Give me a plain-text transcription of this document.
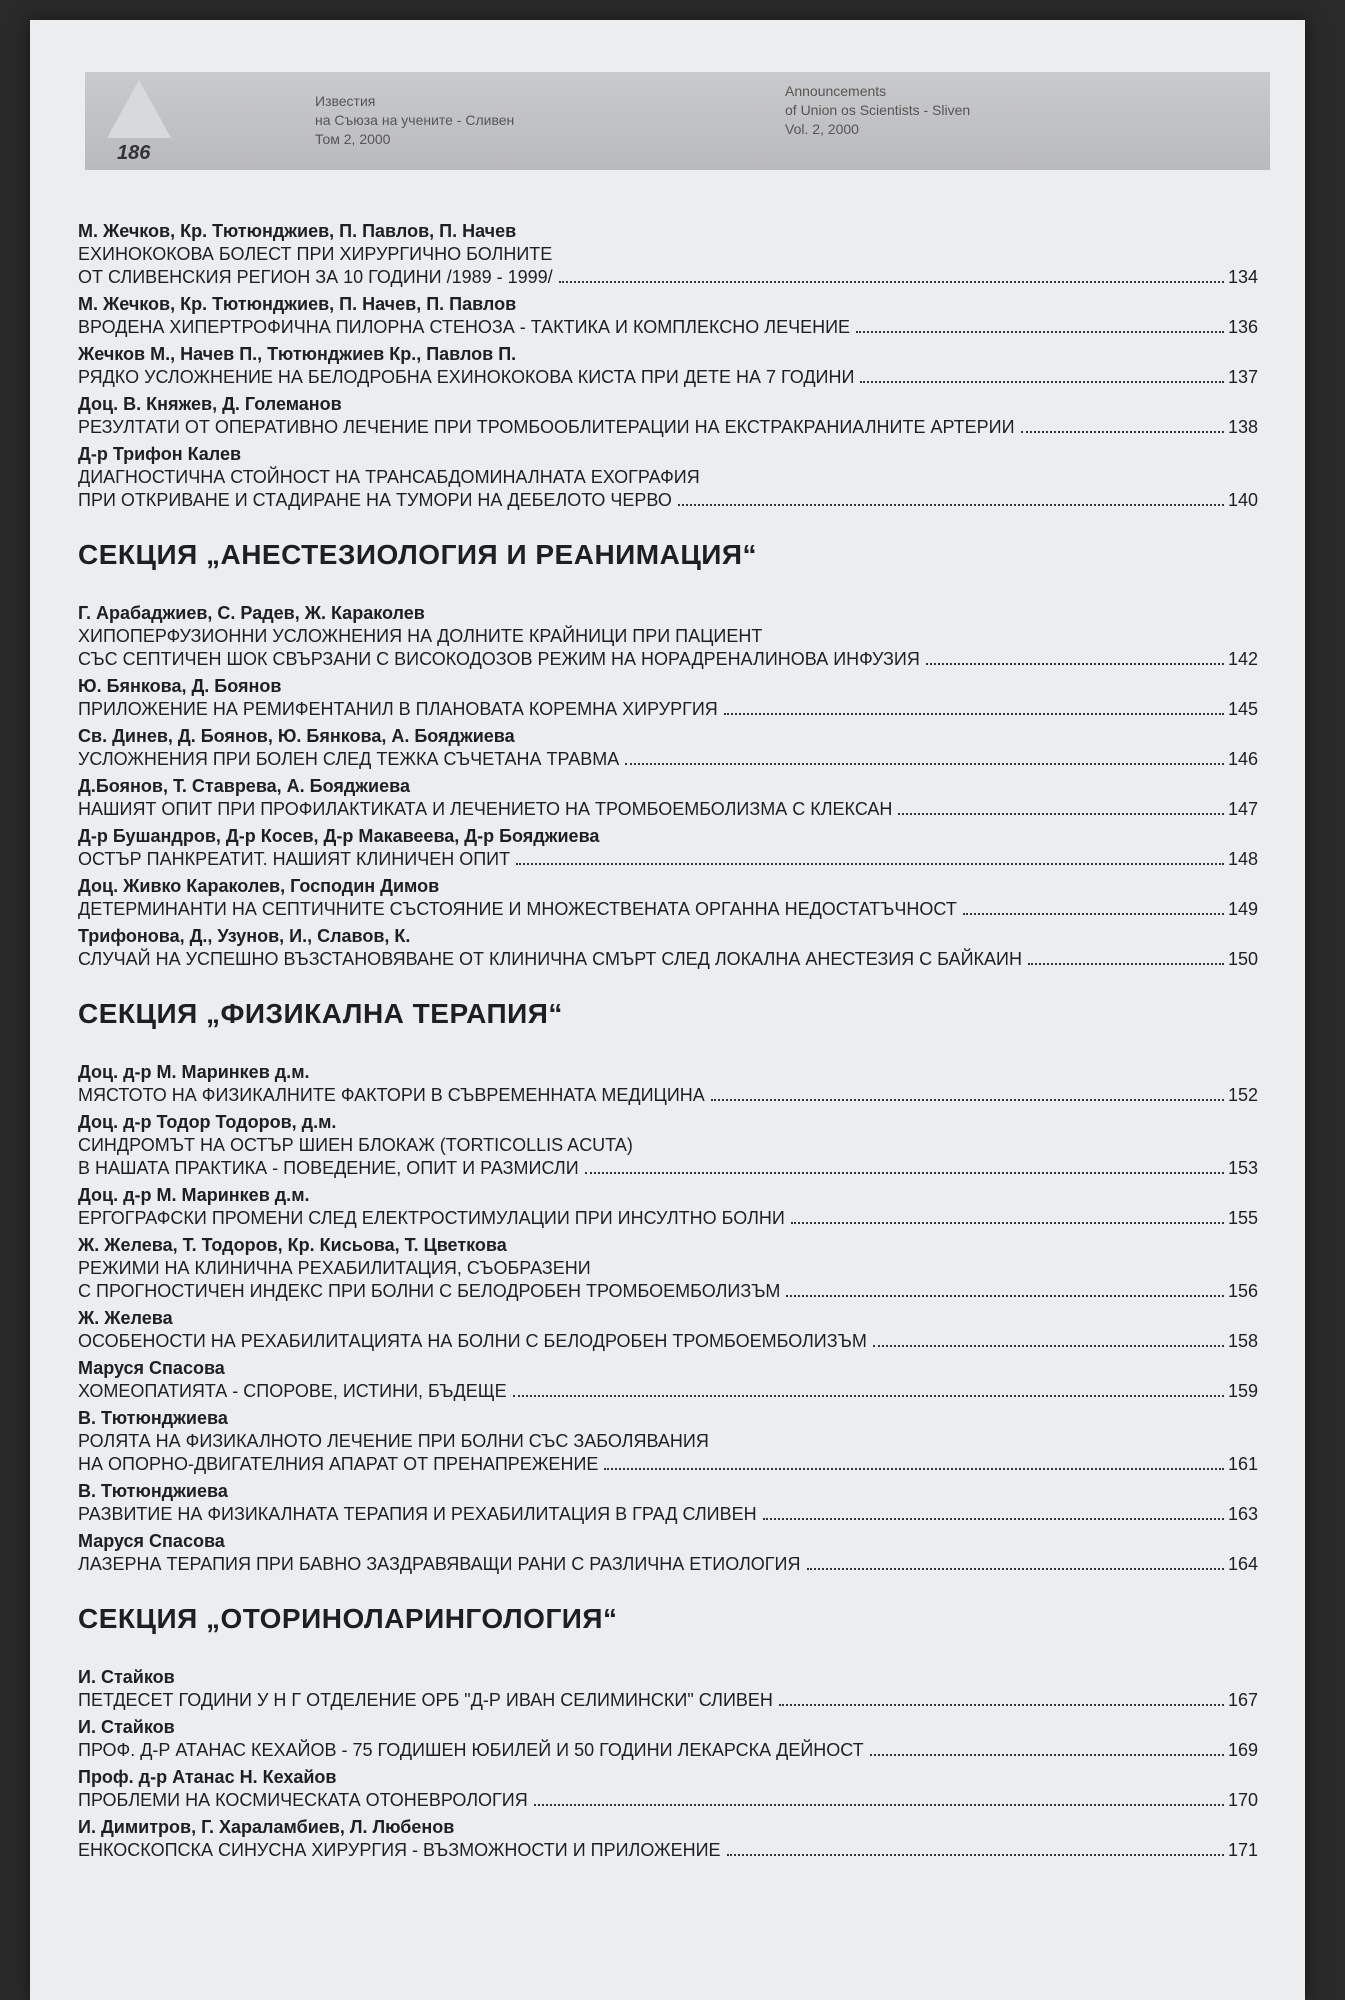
186
Известия
на Съюза на учените - Сливен
Том 2, 2000
Announcements
of Union os Scientists - Sliven
Vol. 2, 2000
М. Жечков, Кр. Тютюнджиев, П. Павлов, П. Начев
ЕХИНОКОКОВА БОЛЕСТ ПРИ ХИРУРГИЧНО БОЛНИТЕ
ОТ СЛИВЕНСКИЯ РЕГИОН ЗА 10 ГОДИНИ /1989 - 1999/	134
М. Жечков, Кр. Тютюнджиев, П. Начев, П. Павлов
ВРОДЕНА ХИПЕРТРОФИЧНА ПИЛОРНА СТЕНОЗА - ТАКТИКА И КОМПЛЕКСНО ЛЕЧЕНИЕ	136
Жечков М., Начев П., Тютюнджиев Кр., Павлов П.
РЯДКО УСЛОЖНЕНИЕ НА БЕЛОДРОБНА ЕХИНОКОКОВА КИСТА ПРИ ДЕТЕ НА 7 ГОДИНИ	137
Доц. В. Княжев, Д. Големанов
РЕЗУЛТАТИ ОТ ОПЕРАТИВНО ЛЕЧЕНИЕ ПРИ ТРОМБООБЛИТЕРАЦИИ НА ЕКСТРАКРАНИАЛНИТЕ АРТЕРИИ	138
Д-р Трифон Калев
ДИАГНОСТИЧНА СТОЙНОСТ НА ТРАНСАБДОМИНАЛНАТА ЕХОГРАФИЯ
ПРИ ОТКРИВАНЕ И СТАДИРАНЕ НА ТУМОРИ НА ДЕБЕЛОТО ЧЕРВО	140
СЕКЦИЯ „АНЕСТЕЗИОЛОГИЯ И РЕАНИМАЦИЯ“
Г. Арабаджиев, С. Радев, Ж. Караколев
ХИПОПЕРФУЗИОННИ УСЛОЖНЕНИЯ НА ДОЛНИТЕ КРАЙНИЦИ ПРИ ПАЦИЕНТ
СЪС СЕПТИЧЕН ШОК СВЪРЗАНИ С ВИСОКОДОЗОВ РЕЖИМ НА НОРАДРЕНАЛИНОВА ИНФУЗИЯ	142
Ю. Бянкова, Д. Боянов
ПРИЛОЖЕНИЕ НА РЕМИФЕНТАНИЛ В ПЛАНОВАТА КОРЕМНА ХИРУРГИЯ	145
Св. Динев, Д. Боянов, Ю. Бянкова, А. Бояджиева
УСЛОЖНЕНИЯ ПРИ БОЛЕН СЛЕД ТЕЖКА СЪЧЕТАНА ТРАВМА	146
Д.Боянов, Т. Ставрева, А. Бояджиева
НАШИЯТ ОПИТ ПРИ ПРОФИЛАКТИКАТА И ЛЕЧЕНИЕТО НА ТРОМБОЕМБОЛИЗМА С КЛЕКСАН	147
Д-р Бушандров, Д-р Косев, Д-р Макавеева, Д-р Бояджиева
ОСТЪР ПАНКРЕАТИТ. НАШИЯТ КЛИНИЧЕН ОПИТ	148
Доц. Живко Караколев, Господин Димов
ДЕТЕРМИНАНТИ НА СЕПТИЧНИТЕ СЪСТОЯНИЕ И МНОЖЕСТВЕНАТА ОРГАННА НЕДОСТАТЪЧНОСТ	149
Трифонова, Д., Узунов, И., Славов, К.
СЛУЧАЙ НА УСПЕШНО ВЪЗСТАНОВЯВАНЕ ОТ КЛИНИЧНА СМЪРТ СЛЕД ЛОКАЛНА АНЕСТЕЗИЯ С БАЙКАИН	150
СЕКЦИЯ „ФИЗИКАЛНА ТЕРАПИЯ“
Доц. д-р М. Маринкев д.м.
МЯСТОТО НА ФИЗИКАЛНИТЕ ФАКТОРИ В СЪВРЕМЕННАТА МЕДИЦИНА	152
Доц. д-р Тодор Тодоров, д.м.
СИНДРОМЪТ НА ОСТЪР ШИЕН БЛОКАЖ (TORTICOLLIS ACUTA)
В НАШАТА ПРАКТИКА - ПОВЕДЕНИЕ, ОПИТ И РАЗМИСЛИ	153
Доц. д-р М. Маринкев д.м.
ЕРГОГРАФСКИ ПРОМЕНИ СЛЕД ЕЛЕКТРОСТИМУЛАЦИИ ПРИ ИНСУЛТНО БОЛНИ	155
Ж. Желева, Т. Тодоров, Кр. Кисьова, Т. Цветкова
РЕЖИМИ НА КЛИНИЧНА РЕХАБИЛИТАЦИЯ, СЪОБРАЗЕНИ
С ПРОГНОСТИЧЕН ИНДЕКС ПРИ БОЛНИ С БЕЛОДРОБЕН ТРОМБОЕМБОЛИЗЪМ	156
Ж. Желева
ОСОБЕНОСТИ НА РЕХАБИЛИТАЦИЯТА НА БОЛНИ С БЕЛОДРОБЕН ТРОМБОЕМБОЛИЗЪМ	158
Маруся Спасова
ХОМЕОПАТИЯТА - СПОРОВЕ, ИСТИНИ, БЪДЕЩЕ	159
В. Тютюнджиева
РОЛЯТА НА ФИЗИКАЛНОТО ЛЕЧЕНИЕ ПРИ БОЛНИ СЪС ЗАБОЛЯВАНИЯ
НА ОПОРНО-ДВИГАТЕЛНИЯ АПАРАТ ОТ ПРЕНАПРЕЖЕНИЕ	161
В. Тютюнджиева
РАЗВИТИЕ НА ФИЗИКАЛНАТА ТЕРАПИЯ И РЕХАБИЛИТАЦИЯ В ГРАД СЛИВЕН	163
Маруся Спасова
ЛАЗЕРНА ТЕРАПИЯ ПРИ БАВНО ЗАЗДРАВЯВАЩИ РАНИ С РАЗЛИЧНА ЕТИОЛОГИЯ	164
СЕКЦИЯ „ОТОРИНОЛАРИНГОЛОГИЯ“
И. Стайков
ПЕТДЕСЕТ ГОДИНИ У Н Г ОТДЕЛЕНИЕ ОРБ "Д-Р ИВАН СЕЛИМИНСКИ" СЛИВЕН	167
И. Стайков
ПРОФ. Д-Р АТАНАС КЕХАЙОВ - 75 ГОДИШЕН ЮБИЛЕЙ И 50 ГОДИНИ ЛЕКАРСКА ДЕЙНОСТ	169
Проф. д-р Атанас Н. Кехайов
ПРОБЛЕМИ НА КОСМИЧЕСКАТА ОТОНЕВРОЛОГИЯ	170
И. Димитров, Г. Хараламбиев, Л. Любенов
ЕНКОСКОПСКА СИНУСНА ХИРУРГИЯ - ВЪЗМОЖНОСТИ И ПРИЛОЖЕНИЕ	171
